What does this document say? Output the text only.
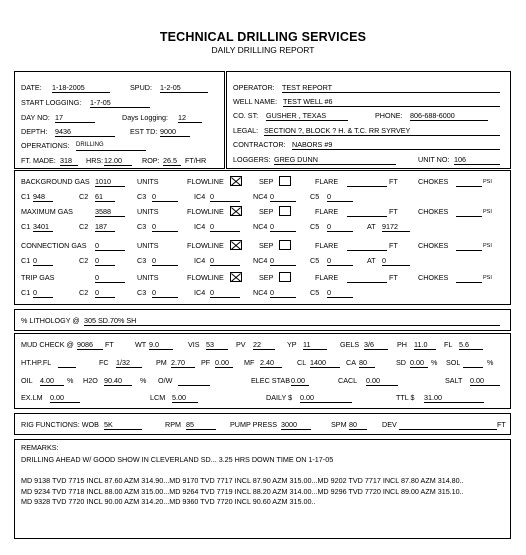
TECHNICAL DRILLING SERVICES
DAILY DRILLING REPORT
DATE: 1-18-2005	SPUD: 1-2-05
START LOGGING: 1-7-05
DAY NO: 17	Days Logging: 12
DEPTH: 9436	EST TD: 9000
OPERATIONS: DRILLING
FT. MADE: 318	HRS: 12.00	ROP: 26.5	FT/HR
OPERATOR: TEST REPORT
WELL NAME: TEST WELL #6
CO. ST: GUSHER , TEXAS	PHONE: 806-688-6000
LEGAL: SECTION ?, BLOCK ? H. & T.C. RR SYRVEY
CONTRACTOR: NABORS #9
LOGGERS: GREG DUNN	UNIT NO: 106
BACKGROUND GAS 1010	UNITS	FLOWLINE	SEP	FLARE	FT	CHOKES	PSI
C1 948	C2 61	C3 0	IC4 0	NC4 0	C5 0
MAXIMUM GAS	3588	UNITS	FLOWLINE	SEP	FLARE	FT	CHOKES	PSI
C1 3401	C2 187	C3 0	IC4 0	NC4 0	C5 0	AT 9172
CONNECTION GAS 0	UNITS	FLOWLINE	SEP	FLARE	FT	CHOKES	PSI
C1 0	C2 0	C3 0	IC4 0	NC4 0	C5 0	AT 0
TRIP GAS	0	UNITS	FLOWLINE	SEP	FLARE	FT	CHOKES	PSI
C1 0	C2 0	C3 0	IC4 0	NC4 0	C5 0
% LITHOLOGY @ 305 SD.70% SH
MUD CHECK @ 9086	FT	WT 9.0	VIS 53	PV 22	YP 11	GELS 3/6	PH 11.0	FL 5.6
HT.HP.FL	FC 1/32	PM 2.70	PF 0.00	MF 2.40	CL 1400	CA 80	SD 0.00 % SOL	%
OIL 4.00	% H2O 90.40	% O/W	ELEC STAB 0.00	CACL 0.00	SALT 0.00
EX.LM 0.00	LCM 5.00	DAILY $ 0.00	TTL $ 31.00
RIG FUNCTIONS: WOB 5K	RPM 85	PUMP PRESS 3000	SPM 80	DEV	FT
REMARKS:
DRILLING AHEAD W/ GOOD SHOW IN CLEVERLAND SD... 3.25 HRS DOWN TIME ON 1-17-05
MD 9138 TVD 7715 INCL 87.60 AZM 314.90...MD 9170 TVD 7717 INCL 87.90 AZM 315.00...MD 9202 TVD 7717 INCL 87.80 AZM 314.80..
MD 9234 TVD 7718 INCL 88.00 AZM 315.00...MD 9264 TVD 7719 INCL 88.20 AZM 314.00...MD 9296 TVD 7720 INCL 89.00 AZM 315.10..
MD 9328 TVD 7720 INCL 90.00 AZM 314.20...MD 9360 TVD 7720 INCL 90.60 AZM 315.00..
